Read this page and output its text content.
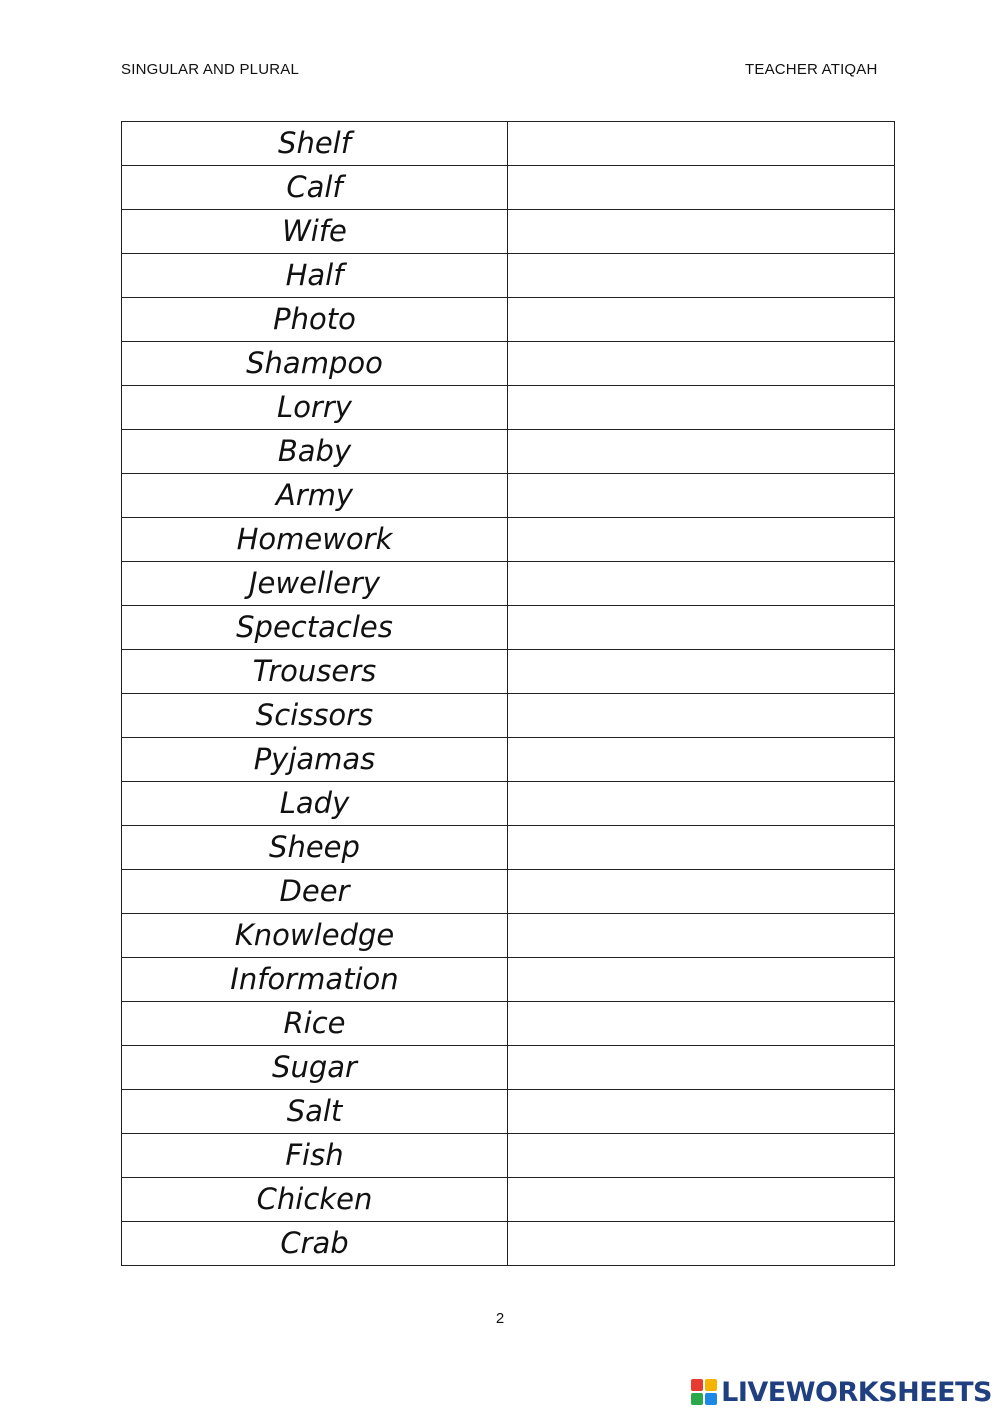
SINGULAR AND PLURAL	TEACHER ATIQAH
Shelf	
Calf	
Wife	
Half	
Photo	
Shampoo	
Lorry	
Baby	
Army	
Homework	
Jewellery	
Spectacles	
Trousers	
Scissors	
Pyjamas	
Lady	
Sheep	
Deer	
Knowledge	
Information	
Rice	
Sugar	
Salt	
Fish	
Chicken	
Crab	
2
LIVEWORKSHEETS
